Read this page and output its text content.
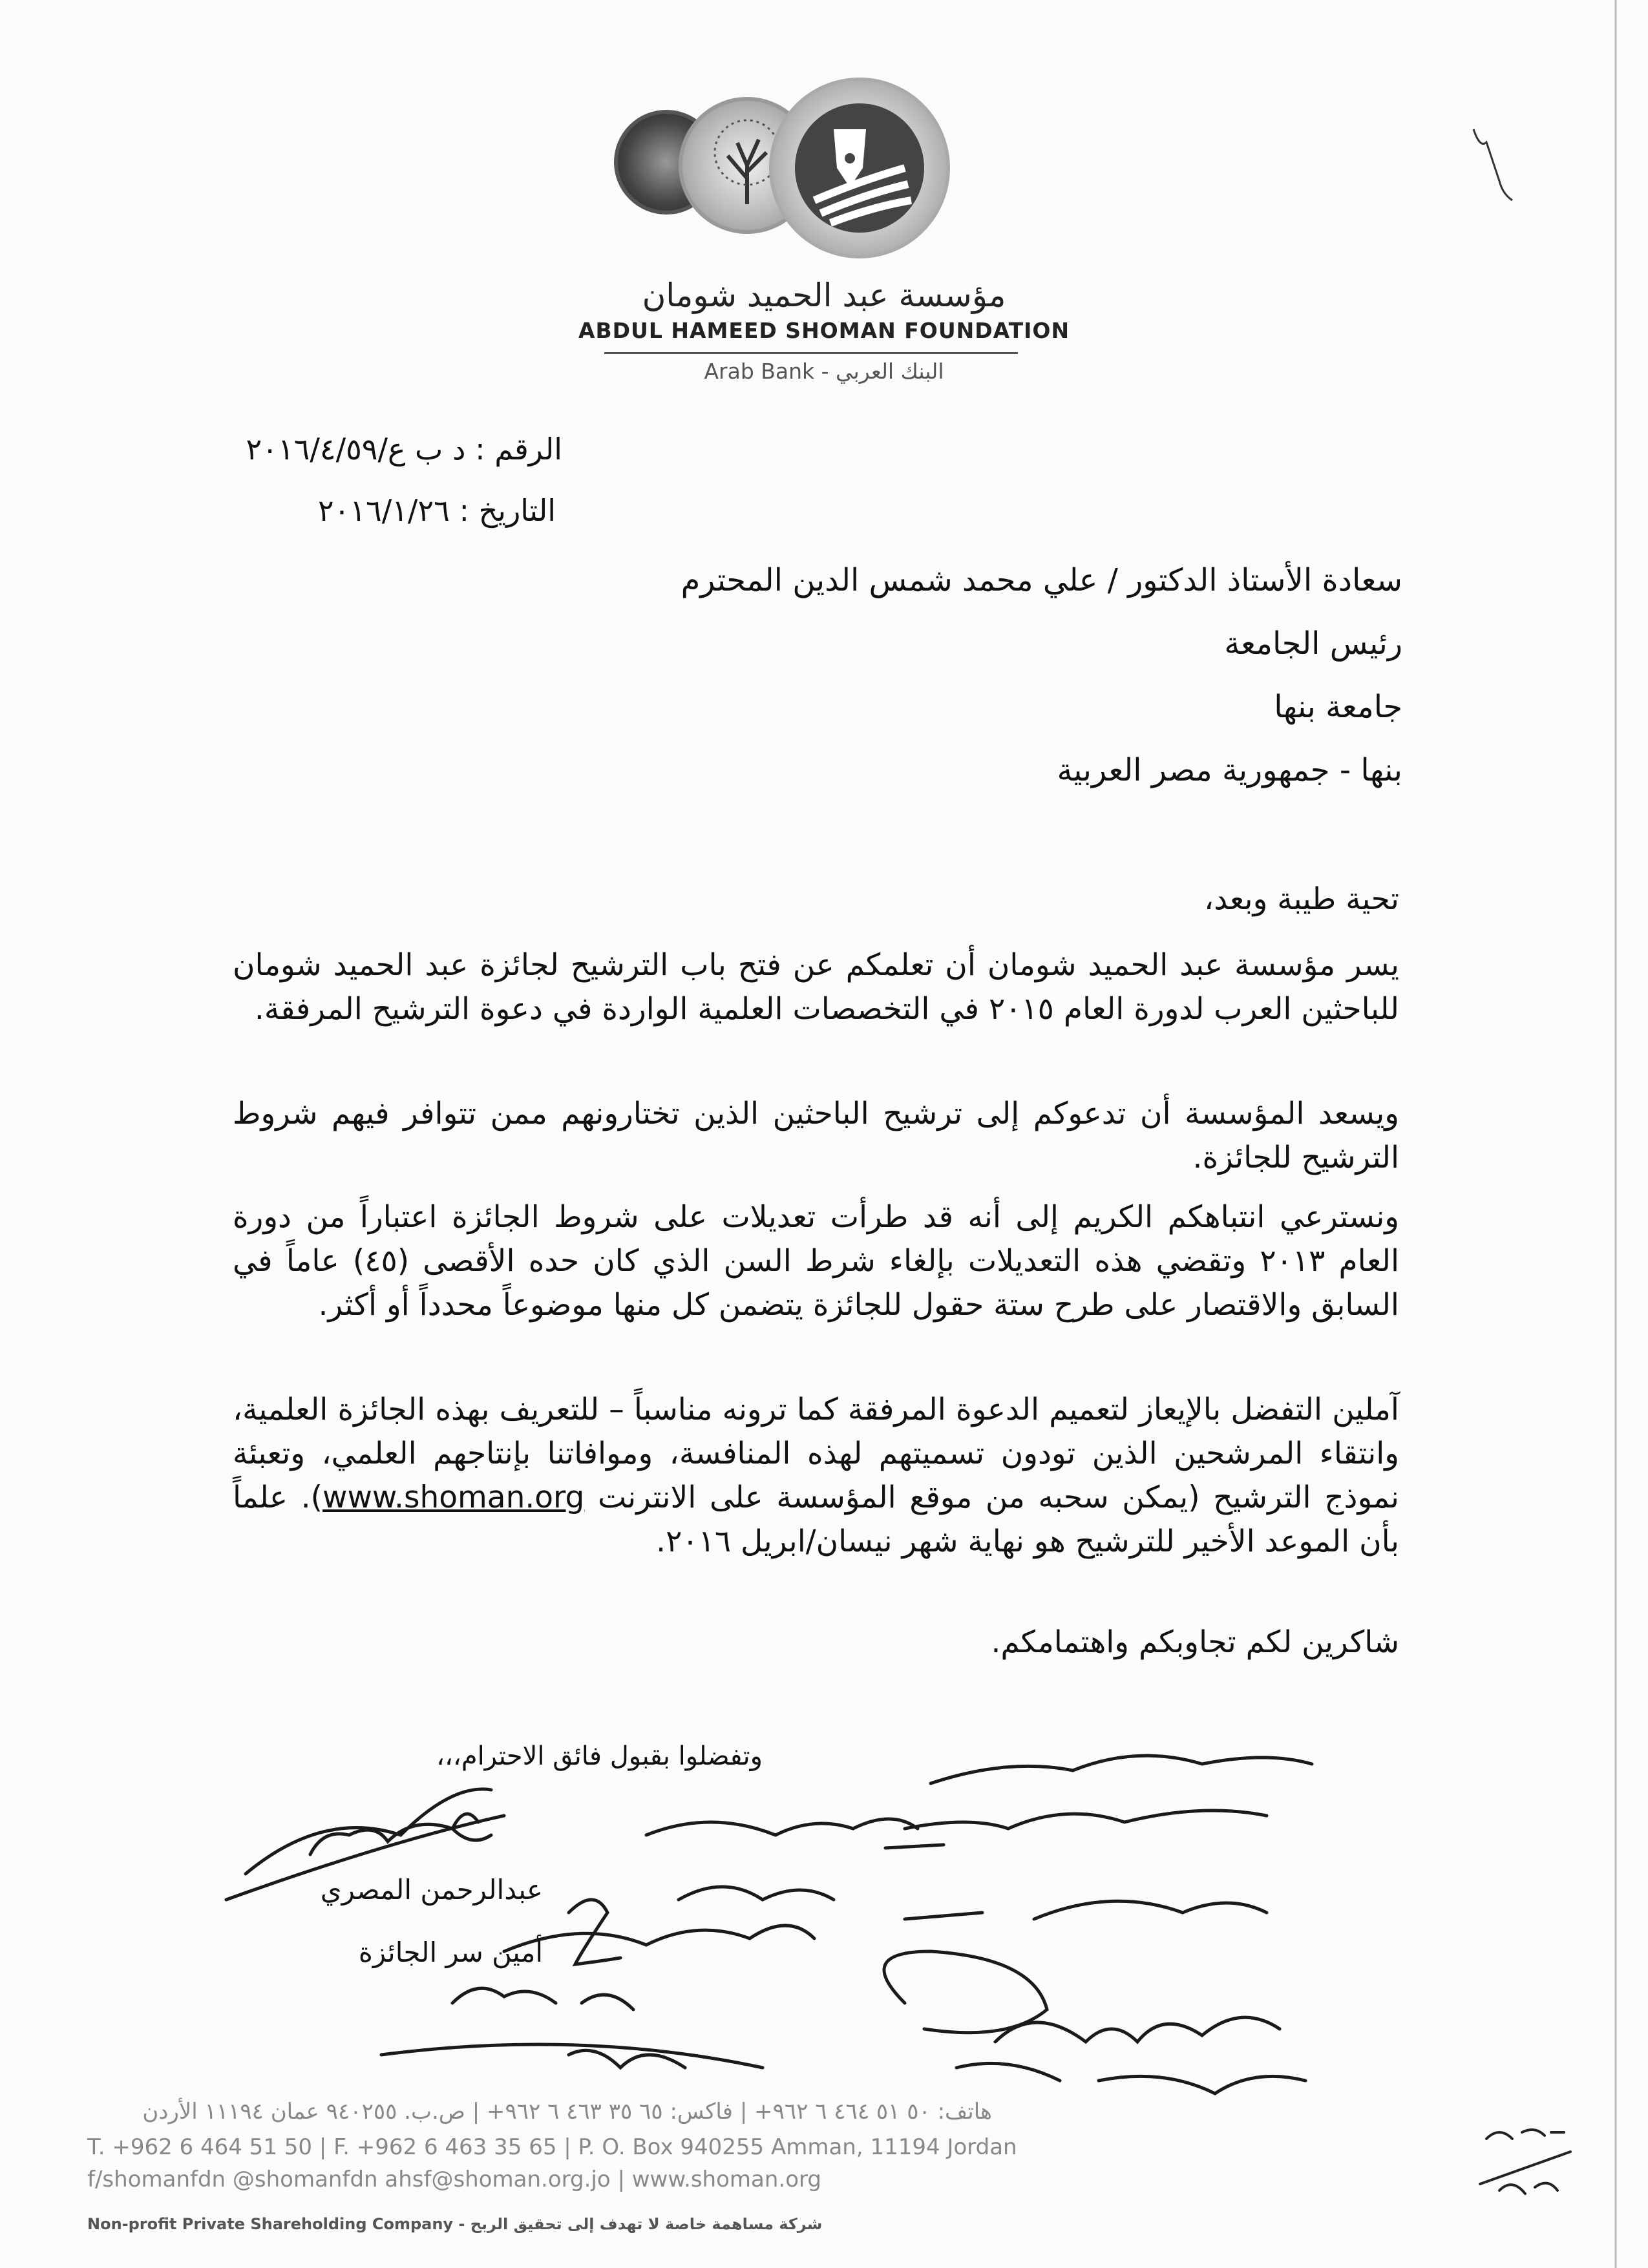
مؤسسة عبد الحميد شومان
ABDUL HAMEED SHOMAN FOUNDATION
Arab Bank - البنك العربي
الرقم : د ب ع/٢٠١٦/٤/٥٩
التاريخ : ٢٠١٦/١/٢٦
سعادة الأستاذ الدكتور / علي محمد شمس الدين المحترم
رئيس الجامعة
جامعة بنها
بنها - جمهورية مصر العربية
تحية طيبة وبعد،
يسر مؤسسة عبد الحميد شومان أن تعلمكم عن فتح باب الترشيح لجائزة عبد الحميد شومان للباحثين العرب لدورة العام ٢٠١٥ في التخصصات العلمية الواردة في دعوة الترشيح المرفقة.
ويسعد المؤسسة أن تدعوكم إلى ترشيح الباحثين الذين تختارونهم ممن تتوافر فيهم شروط الترشيح للجائزة.
ونسترعي انتباهكم الكريم إلى أنه قد طرأت تعديلات على شروط الجائزة اعتباراً من دورة العام ٢٠١٣ وتقضي هذه التعديلات بإلغاء شرط السن الذي كان حده الأقصى (٤٥) عاماً في السابق والاقتصار على طرح ستة حقول للجائزة يتضمن كل منها موضوعاً محدداً أو أكثر.
آملين التفضل بالإيعاز لتعميم الدعوة المرفقة كما ترونه مناسباً – للتعريف بهذه الجائزة العلمية، وانتقاء المرشحين الذين تودون تسميتهم لهذه المنافسة، وموافاتنا بإنتاجهم العلمي، وتعبئة نموذج الترشيح (يمكن سحبه من موقع المؤسسة على الانترنت www.shoman.org). علماً بأن الموعد الأخير للترشيح هو نهاية شهر نيسان/ابريل ٢٠١٦.
شاكرين لكم تجاوبكم واهتمامكم.
وتفضلوا بقبول فائق الاحترام،،،
عبدالرحمن المصري
أمين سر الجائزة
هاتف: ٥٠ ٥١ ٤٦٤ ٦ ٩٦٢+ | فاكس: ٦٥ ٣٥ ٤٦٣ ٦ ٩٦٢+ | ص.ب. ٩٤٠٢٥٥ عمان ١١١٩٤ الأردن
T. +962 6 464 51 50 | F. +962 6 463 35 65 | P. O. Box 940255 Amman, 11194 Jordan
f/shomanfdn @shomanfdn ahsf@shoman.org.jo | www.shoman.org
Non-profit Private Shareholding Company - شركة مساهمة خاصة لا تهدف إلى تحقيق الربح
